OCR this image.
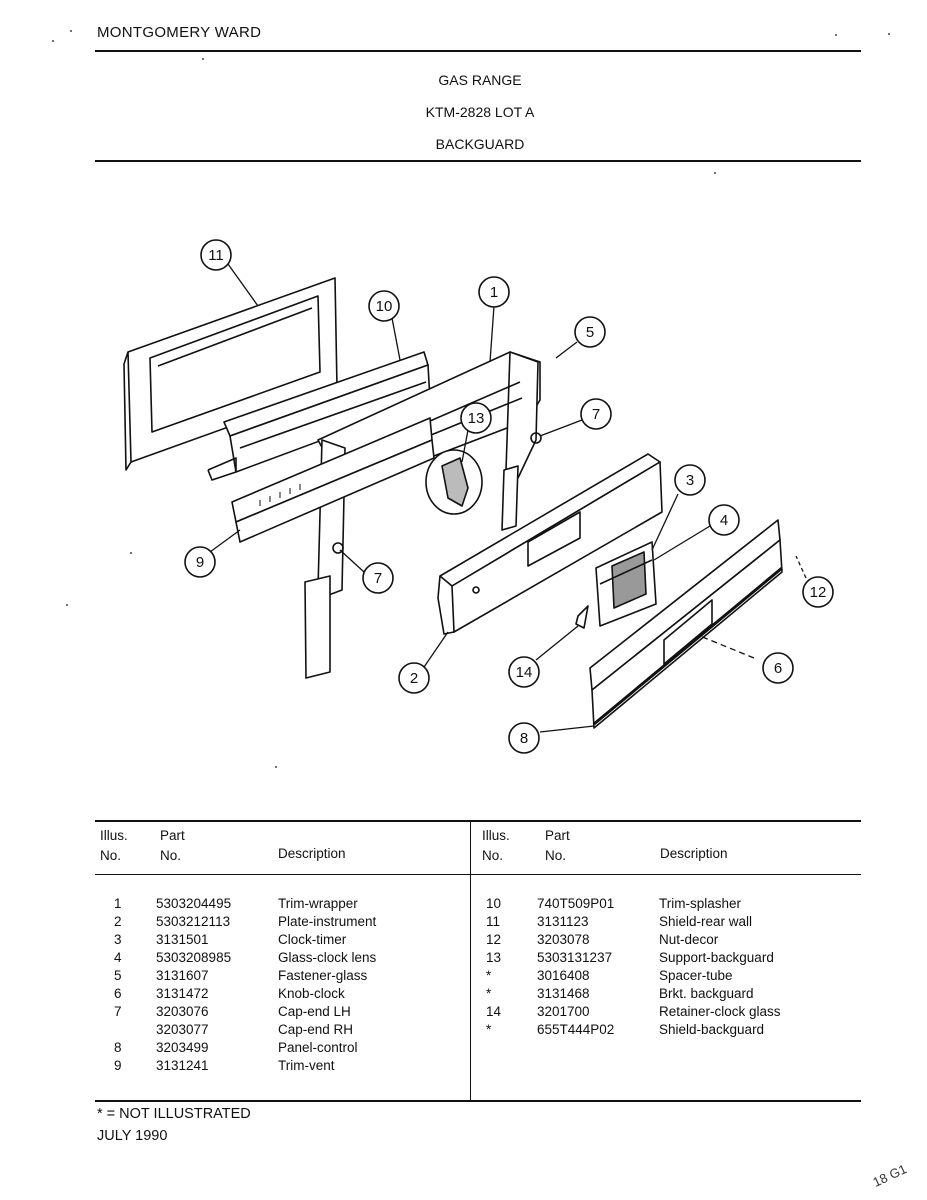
MONTGOMERY WARD
GAS RANGE
KTM-2828 LOT A
BACKGUARD
11
10
1
5
7
13
3
4
7
9
12
2	14	6
8
Illus.
No.
Part
No.	Description
Illus.
No.
Part
No.	Description
1	5303204495	Trim-wrapper
2	5303212113	Plate-instrument
3	3131501	Clock-timer
4	5303208985	Glass-clock lens
5	3131607	Fastener-glass
6	3131472	Knob-clock
7	3203076	Cap-end LH
3203077	Cap-end RH
8	3203499	Panel-control
9	3131241	Trim-vent
10	740T509P01	Trim-splasher
11	3131123	Shield-rear wall
12	3203078	Nut-decor
13	5303131237	Support-backguard
*	3016408	Spacer-tube
*	3131468	Brkt. backguard
14	3201700	Retainer-clock glass
*	655T444P02	Shield-backguard
* = NOT ILLUSTRATED
JULY 1990
18 G1
